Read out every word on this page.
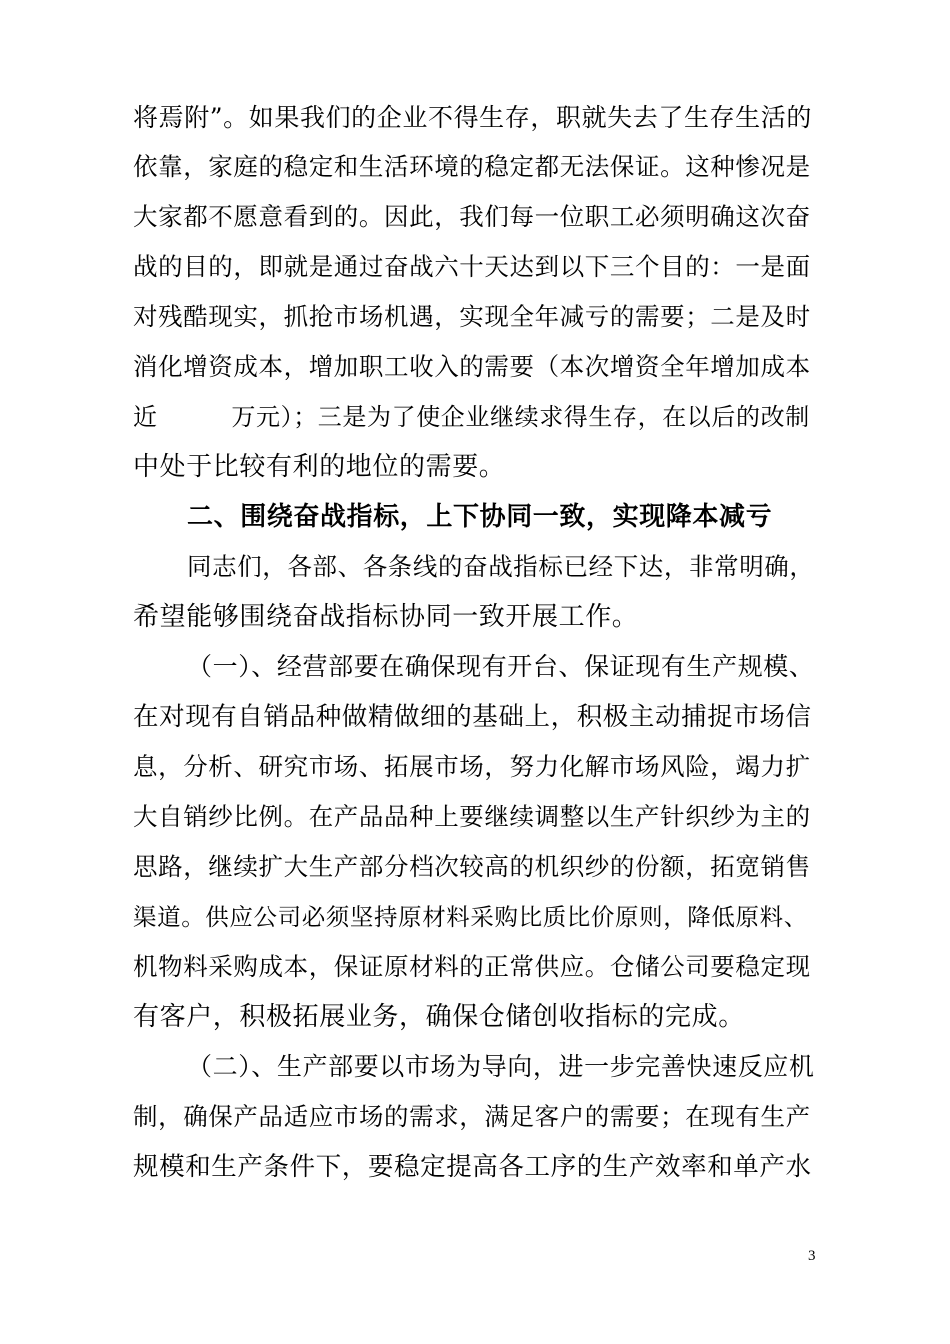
将焉附”。如果我们的企业不得生存，职就失去了生存生活的
依靠，家庭的稳定和生活环境的稳定都无法保证。这种惨况是
大家都不愿意看到的。因此，我们每一位职工必须明确这次奋
战的目的，即就是通过奋战六十天达到以下三个目的：一是面
对残酷现实，抓抢市场机遇，实现全年减亏的需要；二是及时
消化增资成本，增加职工收入的需要（本次增资全年增加成本
近　　　万元）；三是为了使企业继续求得生存，在以后的改制
中处于比较有利的地位的需要。
二、围绕奋战指标，上下协同一致，实现降本减亏
同志们，各部、各条线的奋战指标已经下达，非常明确，
希望能够围绕奋战指标协同一致开展工作。
（一）、经营部要在确保现有开台、保证现有生产规模、
在对现有自销品种做精做细的基础上，积极主动捕捉市场信
息，分析、研究市场、拓展市场，努力化解市场风险，竭力扩
大自销纱比例。在产品品种上要继续调整以生产针织纱为主的
思路，继续扩大生产部分档次较高的机织纱的份额，拓宽销售
渠道。供应公司必须坚持原材料采购比质比价原则，降低原料、
机物料采购成本，保证原材料的正常供应。仓储公司要稳定现
有客户，积极拓展业务，确保仓储创收指标的完成。
（二）、生产部要以市场为导向，进一步完善快速反应机
制，确保产品适应市场的需求，满足客户的需要；在现有生产
规模和生产条件下，要稳定提高各工序的生产效率和单产水
3
